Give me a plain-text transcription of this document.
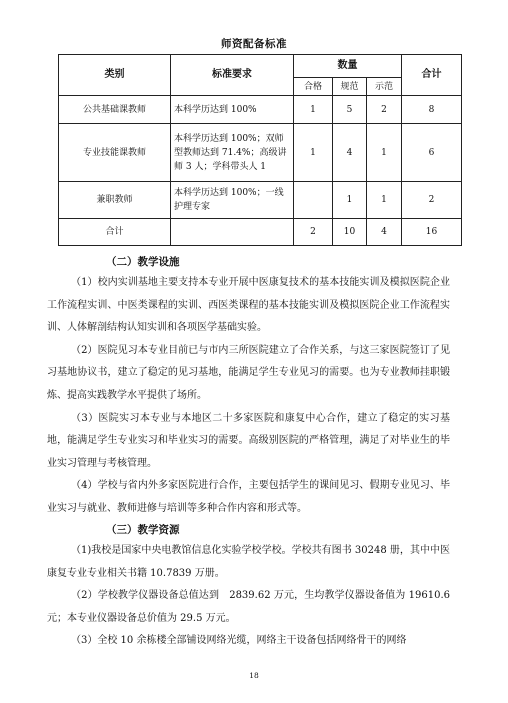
师资配备标准
类别	标准要求	数量			合计
		合格	规范	示范	
公共基础课教师	本科学历达到 100%	1	5	2	8
专业技能课教师	本科学历达到 100%；双师型教师达到 71.4%；高级讲师 3 人；学科带头人 1	1	4	1	6
兼职教师	本科学历达到 100%；一线护理专家		1	1	2
合计		2	10	4	16
（二）教学设施

（1）校内实训基地主要支持本专业开展中医康复技术的基本技能实训及模拟医院企业工作流程实训、中医类课程的实训、西医类课程的基本技能实训及模拟医院企业工作流程实训、人体解剖结构认知实训和各项医学基础实验。

（2）医院见习本专业目前已与市内三所医院建立了合作关系，与这三家医院签订了见习基地协议书，建立了稳定的见习基地，能满足学生专业见习的需要。也为专业教师挂职锻炼、提高实践教学水平提供了场所。

（3）医院实习本专业与本地区二十多家医院和康复中心合作，建立了稳定的实习基地，能满足学生专业实习和毕业实习的需要。高级别医院的严格管理，满足了对毕业生的毕业实习管理与考核管理。

（4）学校与省内外多家医院进行合作，主要包括学生的课间见习、假期专业见习、毕业实习与就业、教师进修与培训等多种合作内容和形式等。

（三）教学资源

（1)我校是国家中央电教馆信息化实验学校学校。学校共有图书 30248 册，其中中医康复专业专业相关书籍 10.7839 万册。

（2）学校教学仪器设备总值达到　2839.62 万元，生均教学仪器设备值为 19610.6 元；本专业仪器设备总价值为 29.5 万元。

（3）全校 10 余栋楼全部铺设网络光缆，网络主干设备包括网络骨干的网络

18
